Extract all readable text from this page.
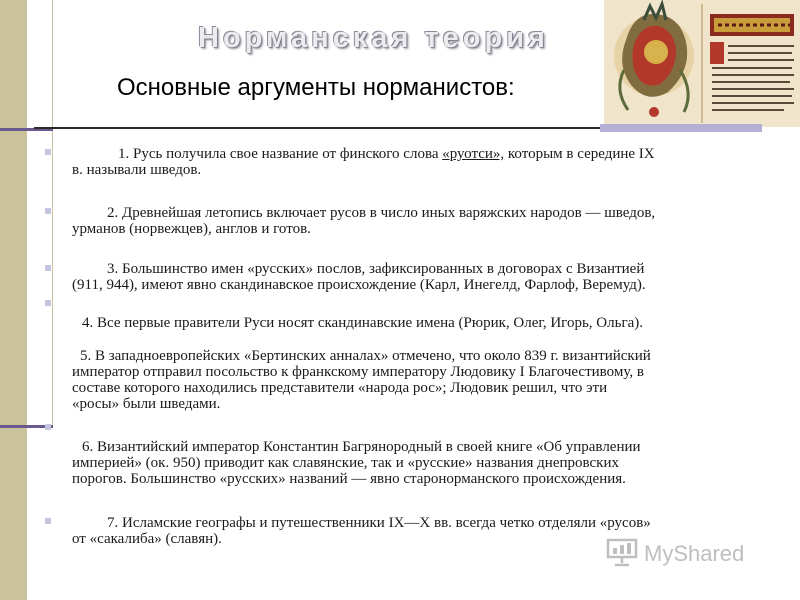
Норманская теория
Основные аргументы норманистов:
1. Русь получила свое название от финского слова «руотси», которым в середине IX
в. называли шведов.
2. Древнейшая летопись включает русов в число иных варяжских народов — шведов,
урманов (норвежцев), англов и готов.
3. Большинство имен «русских» послов, зафиксированных в договорах с Византией
(911, 944), имеют явно скандинавское происхождение (Карл, Инегелд, Фарлоф, Веремуд).
4. Все первые правители Руси носят скандинавские имена (Рюрик, Олег, Игорь, Ольга).
5. В западноевропейских «Бертинских анналах» отмечено, что около 839 г. византийский
император отправил посольство к франкскому императору Людовику I Благочестивому, в
составе которого находились представители «народа рос»; Людовик решил, что эти
«росы» были шведами.
6. Византийский император Константин Багрянородный в своей книге «Об управлении
империей» (ок. 950) приводит как славянские, так и «русские» названия днепровских
порогов. Большинство «русских» названий — явно старонорманского происхождения.
7. Исламские географы и путешественники IX—X вв. всегда четко отделяли «русов»
от «сакалиба» (славян).
MyShared
